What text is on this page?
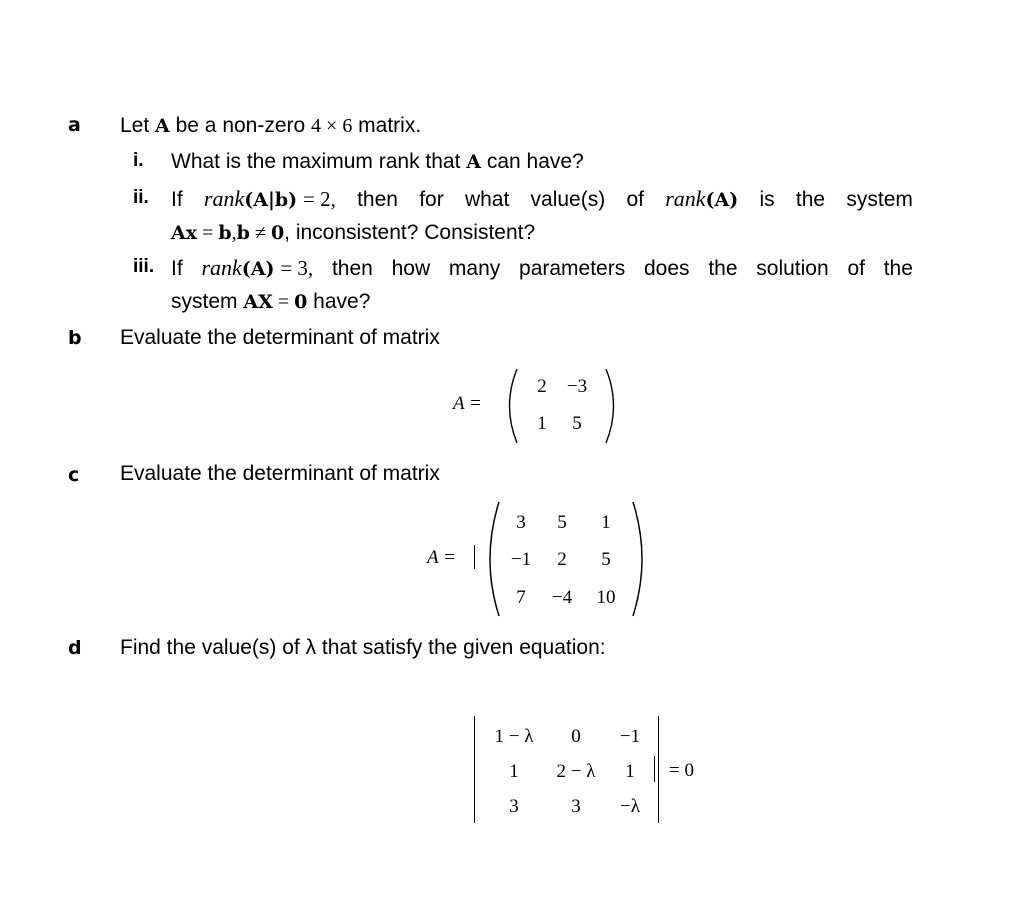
a Let A be a non-zero 4 × 6 matrix.
i. What is the maximum rank that A can have?
ii. If rank(A|b) = 2, then for what value(s) of rank(A) is the system
Ax = b,b ≠ 0, inconsistent? Consistent?
iii. If rank(A) = 3, then how many parameters does the solution of the
system AX = 0 have?
b Evaluate the determinant of matrix
A =
2 −3
1	5
c Evaluate the determinant of matrix
A =
3	5	1
−1	2	5
7	−4	10
d Find the value(s) of λ that satisfy the given equation:
1 − λ	0	−1
1	2 − λ	1
3	3	−λ
= 0
